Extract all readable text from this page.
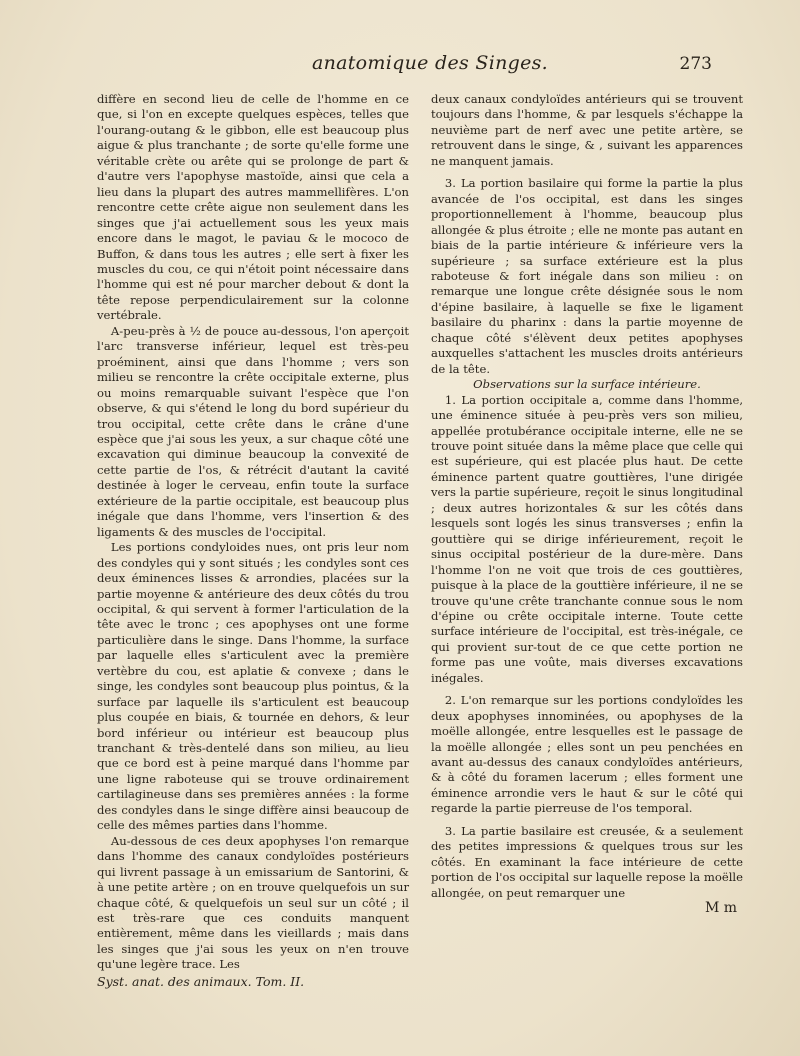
anatomique des Singes.	273

diffère en second lieu de celle de l'homme en ce que, si l'on en excepte quelques espèces, telles que l'ourang-outang & le gibbon, elle est beaucoup plus aigue & plus tranchante ; de sorte qu'elle forme une véritable crète ou arête qui se prolonge de part & d'autre vers l'apophyse mastoïde, ainsi que cela a lieu dans la plupart des autres mammellifères. L'on rencontre cette crête aigue non seulement dans les singes que j'ai actuellement sous les yeux mais encore dans le magot, le paviau & le mococo de Buffon, & dans tous les autres ; elle sert à fixer les muscles du cou, ce qui n'étoit point nécessaire dans l'homme qui est né pour marcher debout & dont la tête repose perpendiculairement sur la colonne vertébrale.

A-peu-près à ½ de pouce au-dessous, l'on aperçoit l'arc transverse inférieur, lequel est très-peu proéminent, ainsi que dans l'homme ; vers son milieu se rencontre la crête occipitale externe, plus ou moins remarquable suivant l'espèce que l'on observe, & qui s'étend le long du bord supérieur du trou occipital, cette crête dans le crâne d'une espèce que j'ai sous les yeux, a sur chaque côté une excavation qui diminue beaucoup la convexité de cette partie de l'os, & rétrécit d'autant la cavité destinée à loger le cerveau, enfin toute la surface extérieure de la partie occipitale, est beaucoup plus inégale que dans l'homme, vers l'insertion & des ligaments & des muscles de l'occipital.

Les portions condyloides nues, ont pris leur nom des condyles qui y sont situés ; les condyles sont ces deux éminences lisses & arrondies, placées sur la partie moyenne & antérieure des deux côtés du trou occipital, & qui servent à former l'articulation de la tête avec le tronc ; ces apophyses ont une forme particulière dans le singe. Dans l'homme, la surface par laquelle elles s'articulent avec la première vertèbre du cou, est aplatie & convexe ; dans le singe, les condyles sont beaucoup plus pointus, & la surface par laquelle ils s'articulent est beaucoup plus coupée en biais, & tournée en dehors, & leur bord inférieur ou intérieur est beaucoup plus tranchant & très-dentelé dans son milieu, au lieu que ce bord est à peine marqué dans l'homme par une ligne raboteuse qui se trouve ordinairement cartilagineuse dans ses premières années : la forme des condyles dans le singe diffère ainsi beaucoup de celle des mêmes parties dans l'homme.

Au-dessous de ces deux apophyses l'on remarque dans l'homme des canaux condyloïdes postérieurs qui livrent passage à un emissarium de Santorini, & à une petite artère ; on en trouve quelquefois un sur chaque côté, & quelquefois un seul sur un côté ; il est très-rare que ces conduits manquent entièrement, même dans les vieillards ; mais dans les singes que j'ai sous les yeux on n'en trouve qu'une legère trace. Les

Syst. anat. des animaux. Tom. II.

deux canaux condyloïdes antérieurs qui se trouvent toujours dans l'homme, & par lesquels s'échappe la neuvième part de nerf avec une petite artère, se retrouvent dans le singe, & , suivant les apparences ne manquent jamais.

3. La portion basilaire qui forme la partie la plus avancée de l'os occipital, est dans les singes proportionnellement à l'homme, beaucoup plus allongée & plus étroite ; elle ne monte pas autant en biais de la partie intérieure & inférieure vers la supérieure ; sa surface extérieure est la plus raboteuse & fort inégale dans son milieu : on remarque une longue crête désignée sous le nom d'épine basilaire, à laquelle se fixe le ligament basilaire du pharinx : dans la partie moyenne de chaque côté s'élèvent deux petites apophyses auxquelles s'attachent les muscles droits antérieurs de la tête.

Observations sur la surface intérieure.

1. La portion occipitale a, comme dans l'homme, une éminence située à peu-près vers son milieu, appellée protubérance occipitale interne, elle ne se trouve point située dans la même place que celle qui est supérieure, qui est placée plus haut. De cette éminence partent quatre gouttières, l'une dirigée vers la partie supérieure, reçoit le sinus longitudinal ; deux autres horizontales & sur les côtés dans lesquels sont logés les sinus transverses ; enfin la gouttière qui se dirige inférieurement, reçoit le sinus occipital postérieur de la dure-mère. Dans l'homme l'on ne voit que trois de ces gouttières, puisque à la place de la gouttière inférieure, il ne se trouve qu'une crête tranchante connue sous le nom d'épine ou crête occipitale interne. Toute cette surface intérieure de l'occipital, est très-inégale, ce qui provient sur-tout de ce que cette portion ne forme pas une voûte, mais diverses excavations inégales.

2. L'on remarque sur les portions condyloïdes les deux apophyses innominées, ou apophyses de la moëlle allongée, entre lesquelles est le passage de la moëlle allongée ; elles sont un peu penchées en avant au-dessus des canaux condyloïdes antérieurs, & à côté du foramen lacerum ; elles forment une éminence arrondie vers le haut & sur le côté qui regarde la partie pierreuse de l'os temporal.

3. La partie basilaire est creusée, & a seulement des petites impressions & quelques trous sur les côtés. En examinant la face intérieure de cette portion de l'os occipital sur laquelle repose la moëlle allongée, on peut remarquer une

M m
